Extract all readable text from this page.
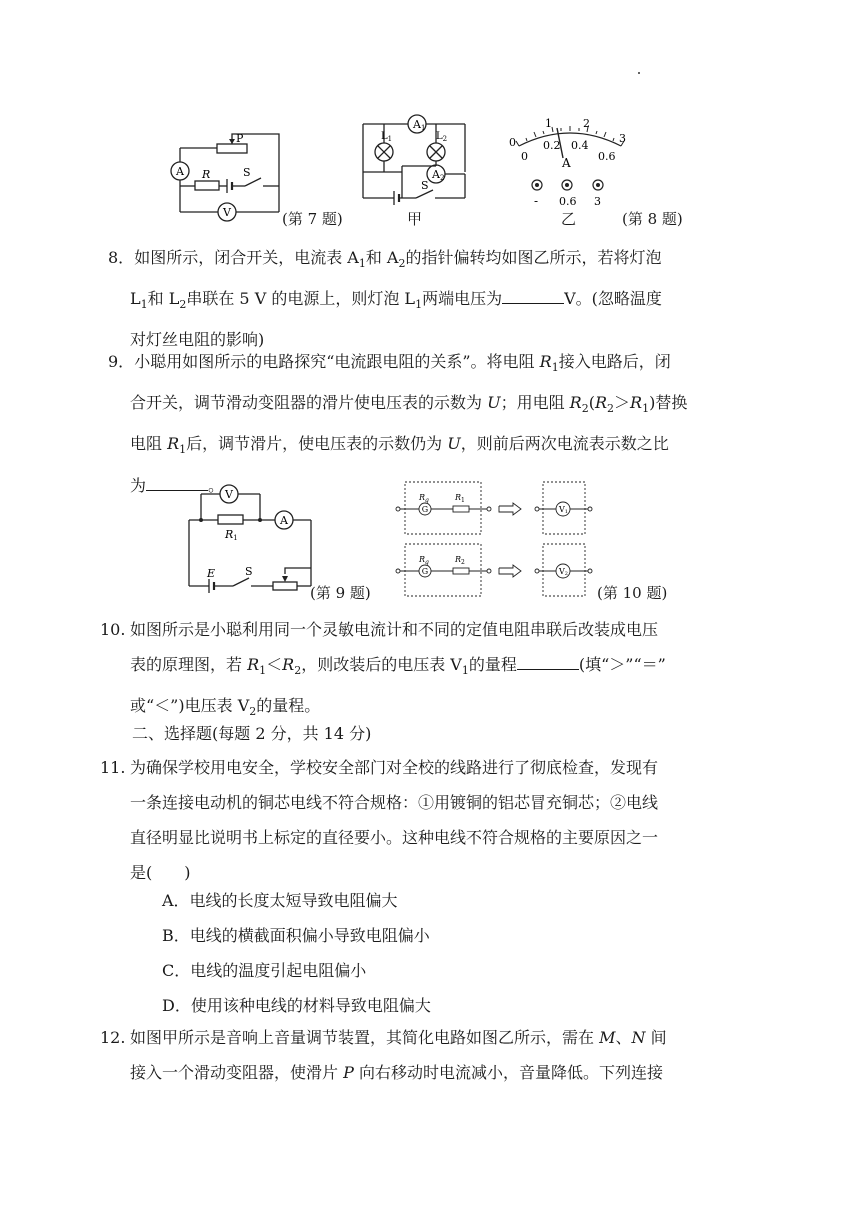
P
A R	S
V	(第 7 题)
A1
$L_1$	$L_2$
A2
S
甲
0
1	2
3
0
0.2 0.4
0.6
A
- 0.6 3
乙	(第 8 题)
8．如图所示，闭合开关，电流表 $A_1$和 $A_2$的指针偏转均如图乙所示，若将灯泡
$L_1$和 $L_2$串联在 5 V 的电源上，则灯泡 $L_1$两端电压为	V。(忽略温度
对灯丝电阻的影响)
9．小聪用如图所示的电路探究“电流跟电阻的关系”。将电阻 $R_1$接入电路后，闭
合开关，调节滑动变阻器的滑片使电压表的示数为 U；用电阻 $R_2(R_2>R_1)$替换
电阻 $R_1$后，调节滑片，使电压表的示数仍为 U，则前后两次电流表示数之比
为	。 V
A
R1
E	S
(第 9 题)
$R_g$
G
$R_1$
V1
$R_g$
G
$R_2$
V2
(第 10 题)
10. 如图所示是小聪利用同一个灵敏电流计和不同的定值电阻串联后改装成电压
表的原理图，若 $R_1<R_2$，则改装后的电压表 $V_1$的量程	(填“＞”“＝”
或“＜”)电压表 $V_2$的量程。
二、选择题(每题 2 分，共 14 分)
11. 为确保学校用电安全，学校安全部门对全校的线路进行了彻底检查，发现有
一条连接电动机的铜芯电线不符合规格：①用镀铜的铝芯冒充铜芯；②电线
直径明显比说明书上标定的直径要小。这种电线不符合规格的主要原因之一
是(　　)
A．电线的长度太短导致电阻偏大
B．电线的横截面积偏小导致电阻偏小
C．电线的温度引起电阻偏小
D．使用该种电线的材料导致电阻偏大
12. 如图甲所示是音响上音量调节装置，其简化电路如图乙所示，需在 M、N 间
接入一个滑动变阻器，使滑片 P 向右移动时电流减小，音量降低。下列连接
